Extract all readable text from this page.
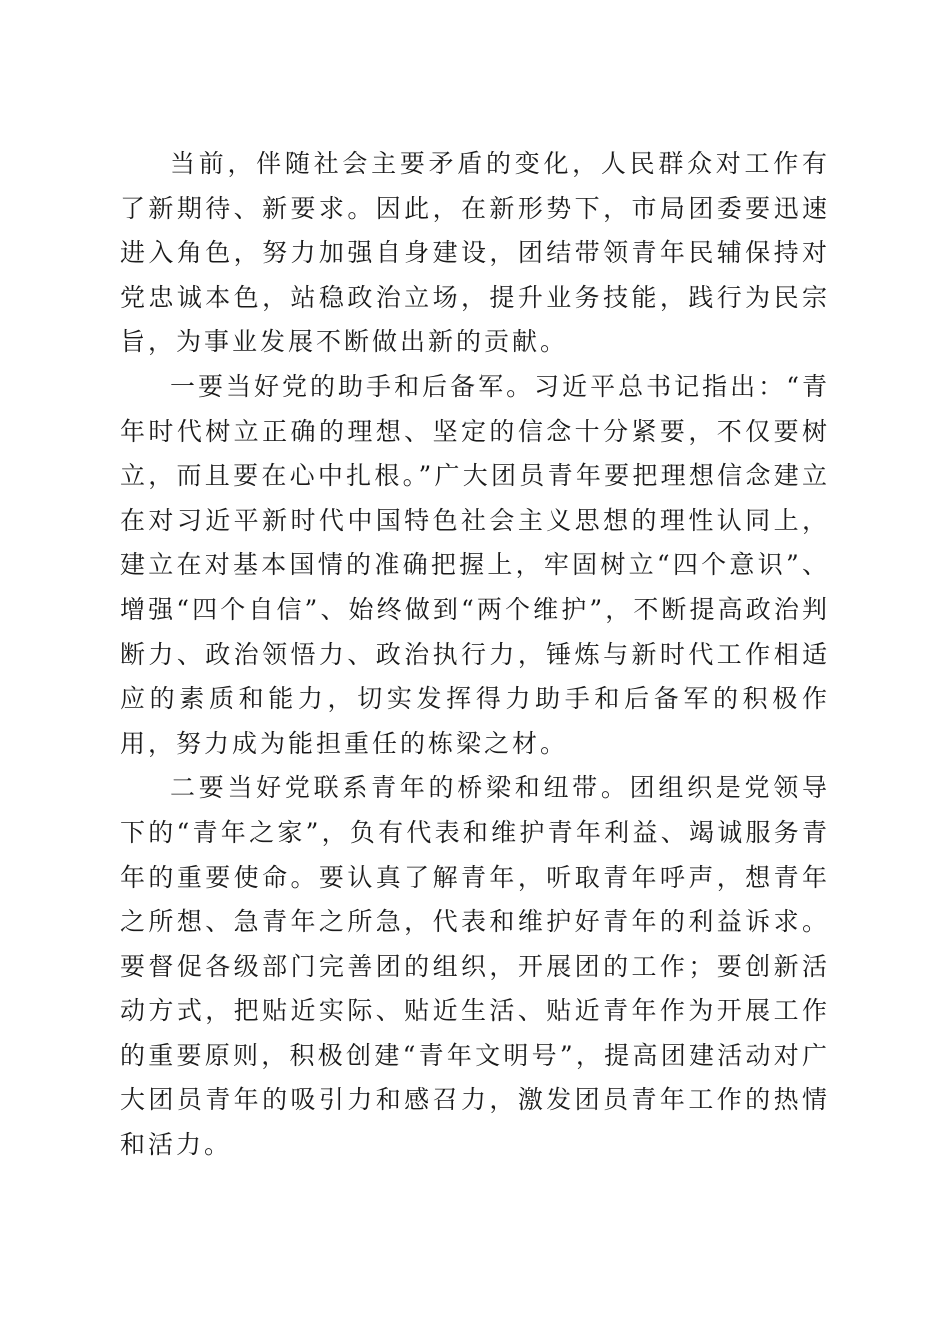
当前，伴随社会主要矛盾的变化，人民群众对工作有了新期待、新要求。因此，在新形势下，市局团委要迅速进入角色，努力加强自身建设，团结带领青年民辅保持对党忠诚本色，站稳政治立场，提升业务技能，践行为民宗旨，为事业发展不断做出新的贡献。

一要当好党的助手和后备军。习近平总书记指出：“青年时代树立正确的理想、坚定的信念十分紧要，不仅要树立，而且要在心中扎根。”广大团员青年要把理想信念建立在对习近平新时代中国特色社会主义思想的理性认同上，建立在对基本国情的准确把握上，牢固树立“四个意识”、增强“四个自信”、始终做到“两个维护”，不断提高政治判断力、政治领悟力、政治执行力，锤炼与新时代工作相适应的素质和能力，切实发挥得力助手和后备军的积极作用，努力成为能担重任的栋梁之材。

二要当好党联系青年的桥梁和纽带。团组织是党领导下的“青年之家”，负有代表和维护青年利益、竭诚服务青年的重要使命。要认真了解青年，听取青年呼声，想青年之所想、急青年之所急，代表和维护好青年的利益诉求。要督促各级部门完善团的组织，开展团的工作；要创新活动方式，把贴近实际、贴近生活、贴近青年作为开展工作的重要原则，积极创建“青年文明号”，提高团建活动对广大团员青年的吸引力和感召力，激发团员青年工作的热情和活力。
